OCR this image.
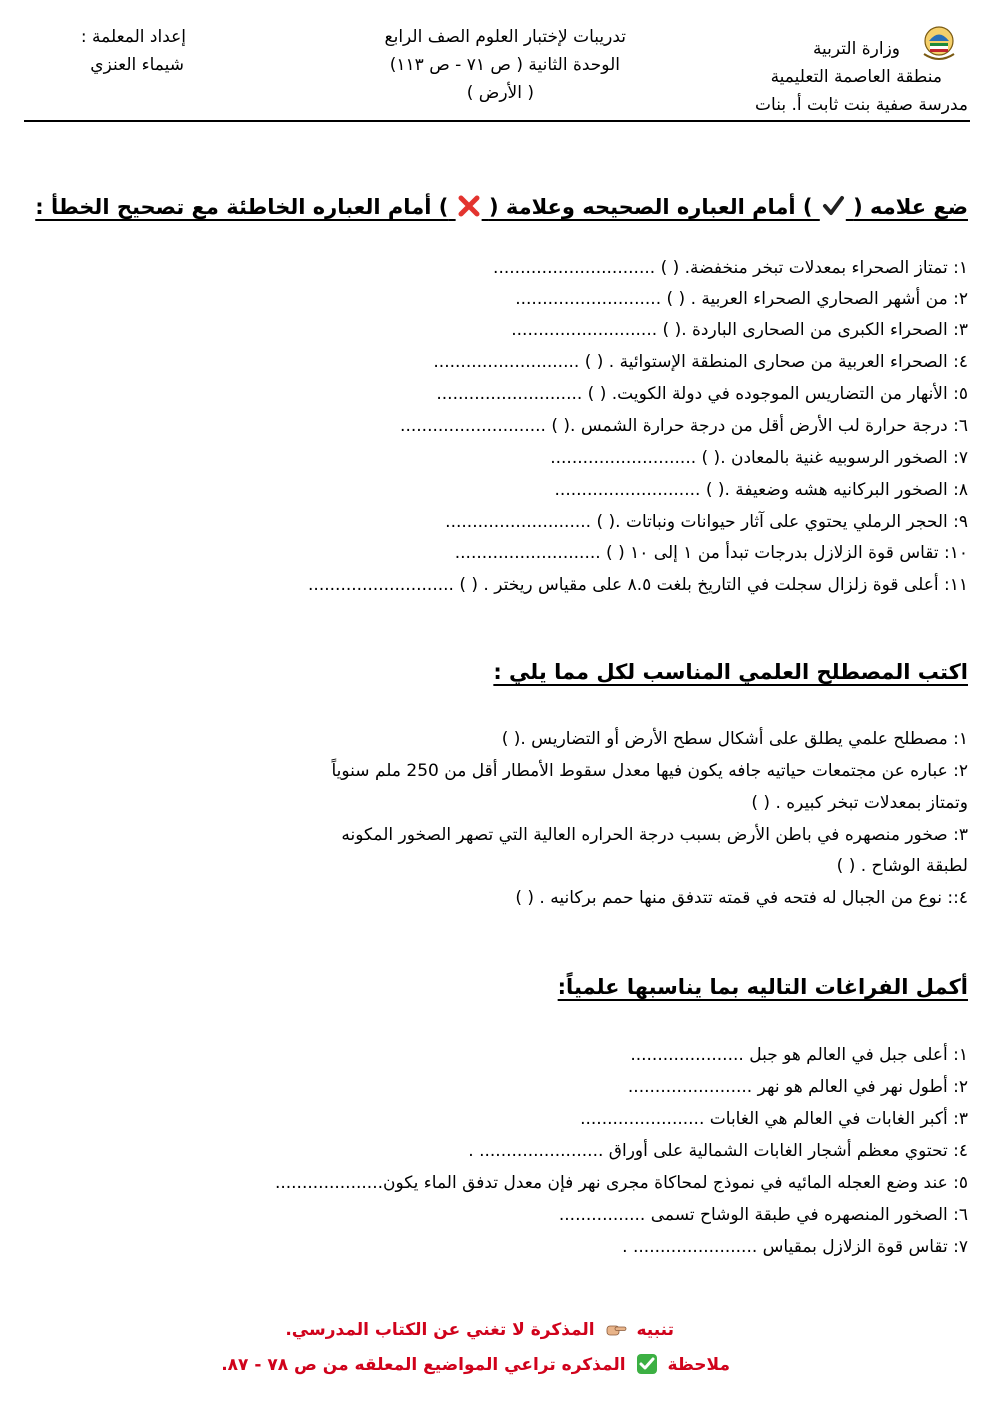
وزارة التربية
منطقة العاصمة التعليمية
مدرسة صفية بنت ثابت أ. بنات
تدريبات لإختبار العلوم الصف الرابع
الوحدة الثانية ( ص ٧١ - ص ١١٣)
( الأرض )
إعداد المعلمة :
شيماء العنزي
ضع علامه (  ) أمام العباره الصحيحه وعلامة (  ) أمام العباره الخاطئة مع تصحيح الخطأ :
١: تمتاز الصحراء بمعدلات تبخر منخفضة. ( ) ..............................
٢: من أشهر الصحاري الصحراء العربية . ( ) ...........................
٣: الصحراء الكبرى من الصحارى الباردة .( ) ...........................
٤: الصحراء العربية من صحارى المنطقة الإستوائية . ( ) ...........................
٥: الأنهار من التضاريس الموجوده في دولة الكويت. ( ) ...........................
٦: درجة حرارة لب الأرض أقل من درجة حرارة الشمس .( ) ...........................
٧: الصخور الرسوبيه غنية بالمعادن .( ) ...........................
٨: الصخور البركانيه هشه وضعيفة .( ) ...........................
٩: الحجر الرملي يحتوي على آثار حيوانات ونباتات .( ) ...........................
١٠: تقاس قوة الزلازل بدرجات تبدأ من ١ إلى ١٠ ( ) ...........................
١١: أعلى قوة زلزال سجلت في التاريخ بلغت ٨.٥ على مقياس ريختر . ( ) ...........................
اكتب المصطلح العلمي المناسب لكل مما يلي :
١: مصطلح علمي يطلق على أشكال سطح الأرض أو التضاريس .( )
٢: عباره عن مجتمعات حياتيه جافه يكون فيها معدل سقوط الأمطار أقل من 250 ملم سنوياً
وتمتاز بمعدلات تبخر كبيره . ( )
٣: صخور منصهره في باطن الأرض بسبب درجة الحراره العالية التي تصهر الصخور المكونه
لطبقة الوشاح . ( )
٤:: نوع من الجبال له فتحه في قمته تتدفق منها حمم بركانيه . ( )
أكمل الفراغات التاليه بما يناسبها علمياً:
١: أعلى جبل في العالم هو جبل .....................
٢: أطول نهر في العالم هو نهر .......................
٣: أكبر الغابات في العالم هي الغابات .......................
٤: تحتوي معظم أشجار الغابات الشمالية على أوراق ....................... .
٥: عند وضع العجله المائيه في نموذج لمحاكاة مجرى نهر فإن معدل تدفق الماء يكون....................
٦: الصخور المنصهره في طبقة الوشاح تسمى ................
٧: تقاس قوة الزلازل بمقياس ....................... .
تنبيه  المذكرة لا تغني عن الكتاب المدرسي.
ملاحظة  المذكره تراعي المواضيع المعلقه من ص ٧٨ - ٨٧.
